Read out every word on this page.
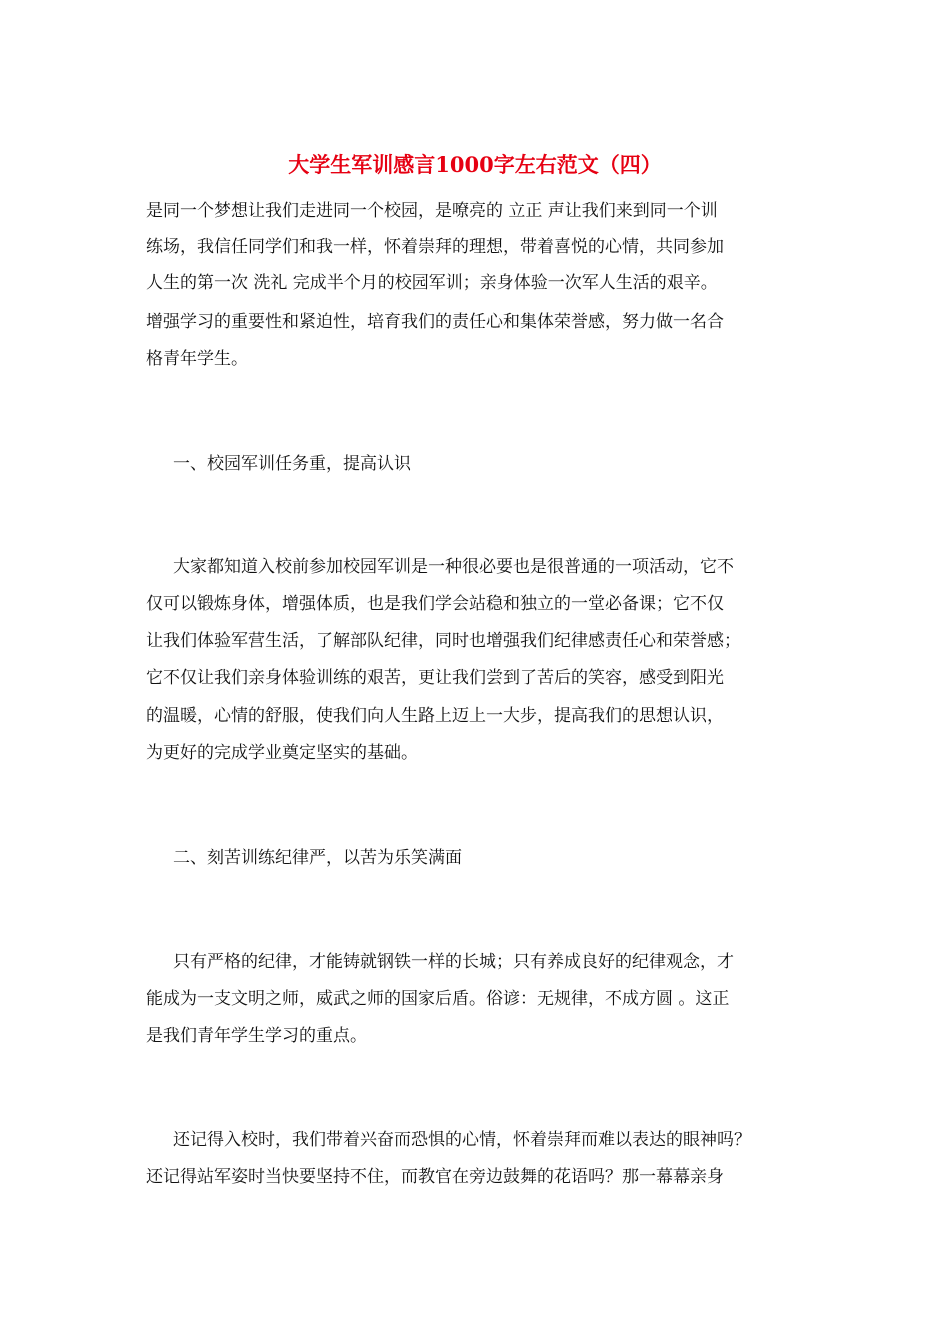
大学生军训感言1000字左右范文（四）
是同一个梦想让我们走进同一个校园，是嘹亮的 立正 声让我们来到同一个训
练场，我信任同学们和我一样，怀着崇拜的理想，带着喜悦的心情，共同参加
人生的第一次 洗礼 完成半个月的校园军训；亲身体验一次军人生活的艰辛。
增强学习的重要性和紧迫性，培育我们的责任心和集体荣誉感，努力做一名合
格青年学生。
一、校园军训任务重，提高认识
大家都知道入校前参加校园军训是一种很必要也是很普通的一项活动，它不
仅可以锻炼身体，增强体质，也是我们学会站稳和独立的一堂必备课；它不仅
让我们体验军营生活，了解部队纪律，同时也增强我们纪律感责任心和荣誉感；
它不仅让我们亲身体验训练的艰苦，更让我们尝到了苦后的笑容，感受到阳光
的温暖，心情的舒服，使我们向人生路上迈上一大步，提高我们的思想认识，
为更好的完成学业奠定坚实的基础。
二、刻苦训练纪律严，以苦为乐笑满面
只有严格的纪律，才能铸就钢铁一样的长城；只有养成良好的纪律观念，才
能成为一支文明之师，威武之师的国家后盾。俗谚：无规律，不成方圆 。这正
是我们青年学生学习的重点。
还记得入校时，我们带着兴奋而恐惧的心情，怀着崇拜而难以表达的眼神吗？
还记得站军姿时当快要坚持不住，而教官在旁边鼓舞的花语吗？那一幕幕亲身
